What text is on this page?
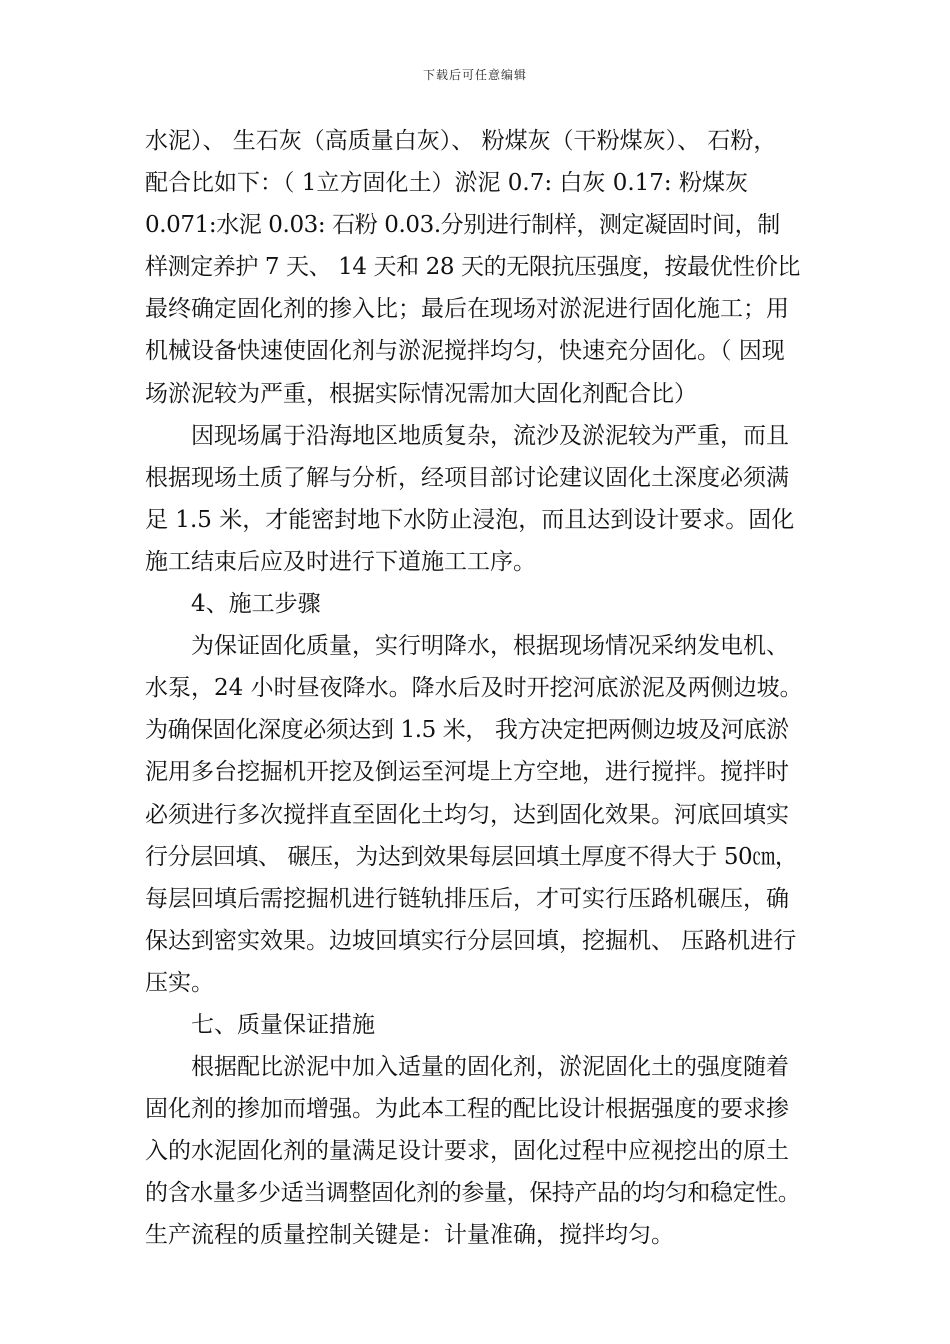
下载后可任意编辑
水泥）、 生石灰（高质量白灰）、 粉煤灰（干粉煤灰）、 石粉，
配合比如下：（ 1立方固化土）淤泥 0.7: 白灰 0.17: 粉煤灰
0.071:水泥 0.03: 石粉 0.03.分别进行制样，测定凝固时间，制
样测定养护 7 天、 14 天和 28 天的无限抗压强度，按最优性价比
最终确定固化剂的掺入比；最后在现场对淤泥进行固化施工；用
机械设备快速使固化剂与淤泥搅拌均匀，快速充分固化。（ 因现
场淤泥较为严重，根据实际情况需加大固化剂配合比）
因现场属于沿海地区地质复杂，流沙及淤泥较为严重，而且
根据现场土质了解与分析，经项目部讨论建议固化土深度必须满
足 1.5 米，才能密封地下水防止浸泡，而且达到设计要求。固化
施工结束后应及时进行下道施工工序。
4、施工步骤
为保证固化质量，实行明降水，根据现场情况采纳发电机、
水泵，24 小时昼夜降水。降水后及时开挖河底淤泥及两侧边坡。
为确保固化深度必须达到 1.5 米， 我方决定把两侧边坡及河底淤
泥用多台挖掘机开挖及倒运至河堤上方空地，进行搅拌。搅拌时
必须进行多次搅拌直至固化土均匀，达到固化效果。河底回填实
行分层回填、 碾压，为达到效果每层回填土厚度不得大于 50㎝，
每层回填后需挖掘机进行链轨排压后，才可实行压路机碾压，确
保达到密实效果。边坡回填实行分层回填，挖掘机、 压路机进行
压实。
七、质量保证措施
根据配比淤泥中加入适量的固化剂，淤泥固化土的强度随着
固化剂的掺加而增强。为此本工程的配比设计根据强度的要求掺
入的水泥固化剂的量满足设计要求，固化过程中应视挖出的原土
的含水量多少适当调整固化剂的参量，保持产品的均匀和稳定性。
生产流程的质量控制关键是：计量准确，搅拌均匀。
